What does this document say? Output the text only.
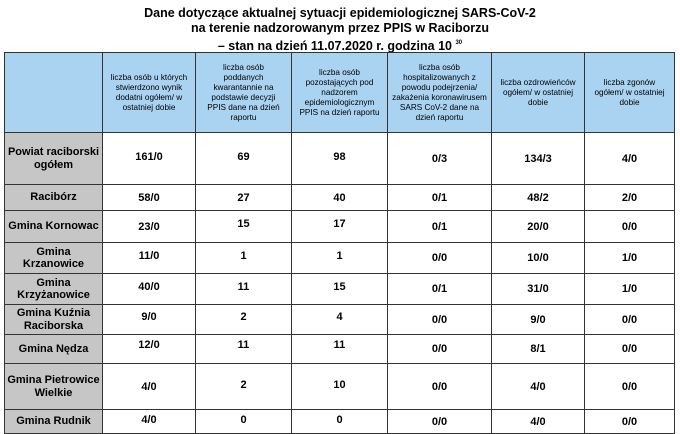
Dane dotyczące aktualnej sytuacji epidemiologicznej SARS-CoV-2
na terenie nadzorowanym przez PPIS w Raciborzu
– stan na dzień 11.07.2020 r. godzina 10 $^{30}$
	liczba osób u których stwierdzono wynik dodatni ogółem/ w ostatniej dobie	liczba osób poddanych kwarantannie na podstawie decyzji PPIS dane na dzień raportu	liczba osób pozostających pod nadzorem epidemiologicznym PPIS na dzień raportu	liczba osób hospitalizowanych z powodu podejrzenia/ zakażenia koronawirusem SARS CoV-2 dane na dzień raportu	liczba ozdrowieńców ogółem/ w ostatniej dobie	liczba zgonów ogółem/ w ostatniej dobie
Powiat raciborski ogółem	161/0	69	98	0/3	134/3	4/0
Racibórz	58/0	27	40	0/1	48/2	2/0
Gmina Kornowac	23/0	15	17	0/1	20/0	0/0
Gmina Krzanowice	11/0	1	1	0/0	10/0	1/0
Gmina Krzyżanowice	40/0	11	15	0/1	31/0	1/0
Gmina Kuźnia Raciborska	9/0	2	4	0/0	9/0	0/0
Gmina Nędza	12/0	11	11	0/0	8/1	0/0
Gmina Pietrowice Wielkie	4/0	2	10	0/0	4/0	0/0
Gmina Rudnik	4/0	0	0	0/0	4/0	0/0
